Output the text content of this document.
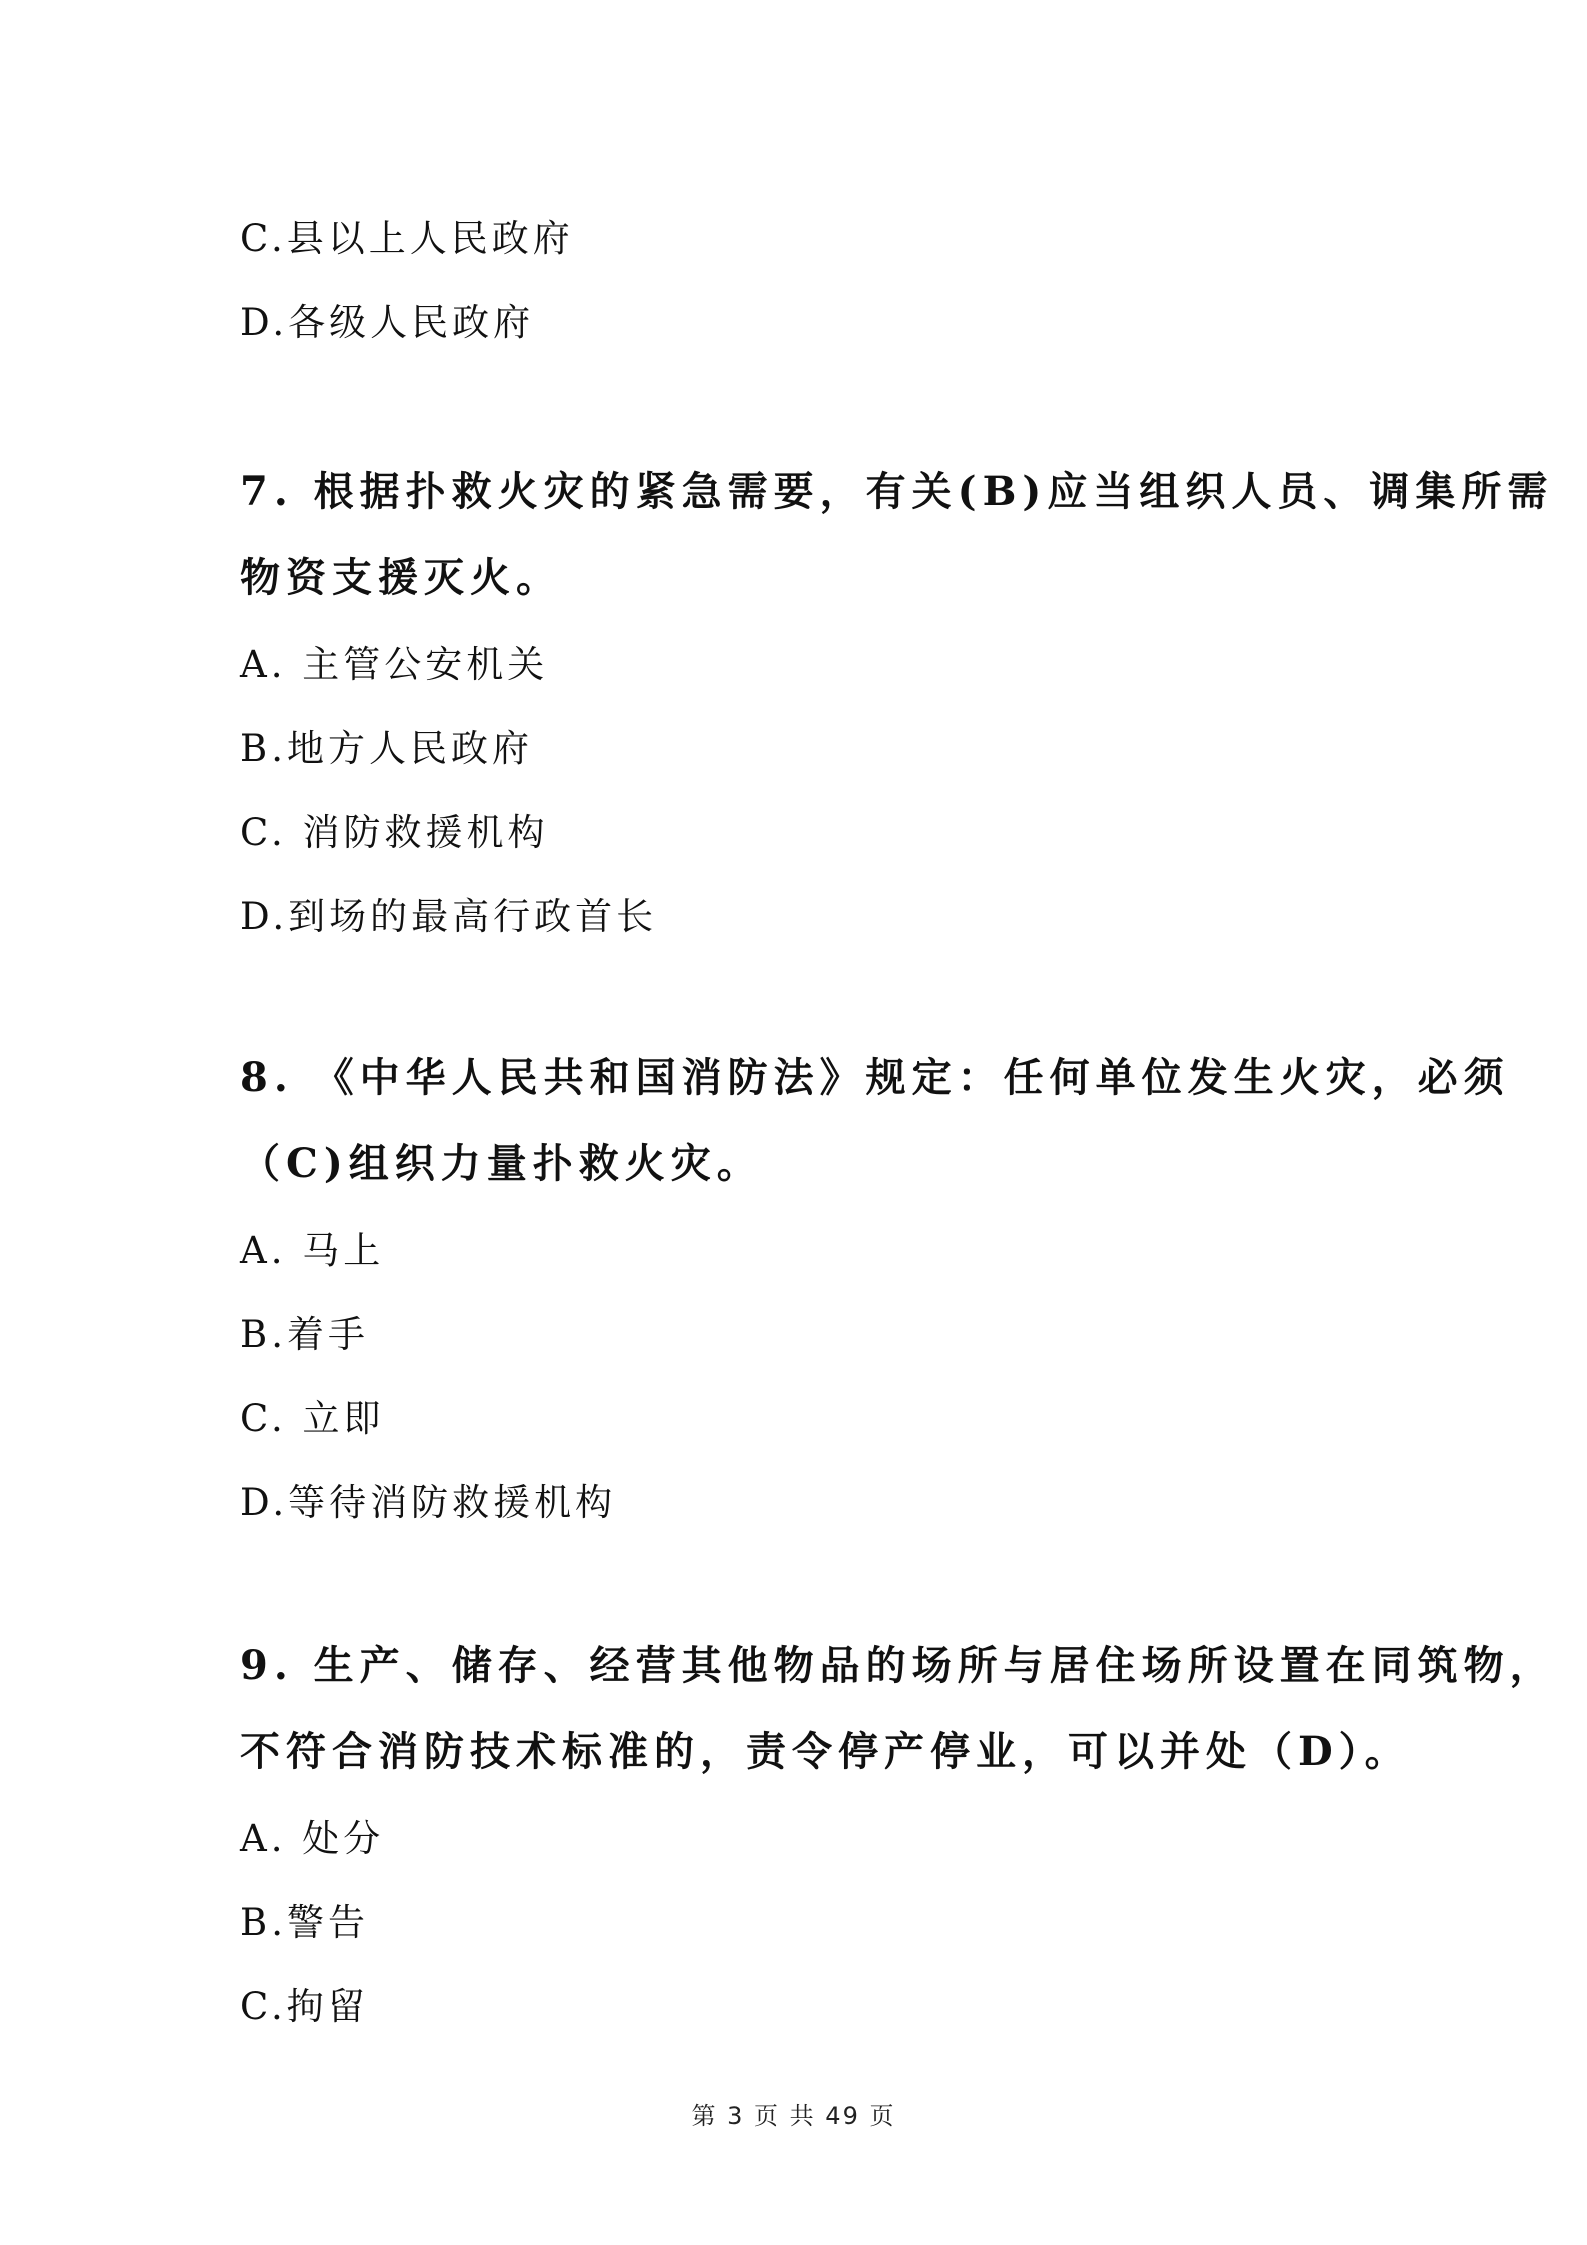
C.县以上人民政府

D.各级人民政府

7. 根据扑救火灾的紧急需要，有关(B)应当组织人员、调集所需

物资支援灭火。

A. 主管公安机关

B.地方人民政府

C. 消防救援机构

D.到场的最高行政首长

8. 《中华人民共和国消防法》规定：任何单位发生火灾，必须

（C)组织力量扑救火灾。

A. 马上

B.着手

C. 立即

D.等待消防救援机构

9. 生产、储存、经营其他物品的场所与居住场所设置在同筑物，

不符合消防技术标准的，责令停产停业，可以并处（D）。

A. 处分

B.警告

C.拘留

第 3 页 共 49 页
